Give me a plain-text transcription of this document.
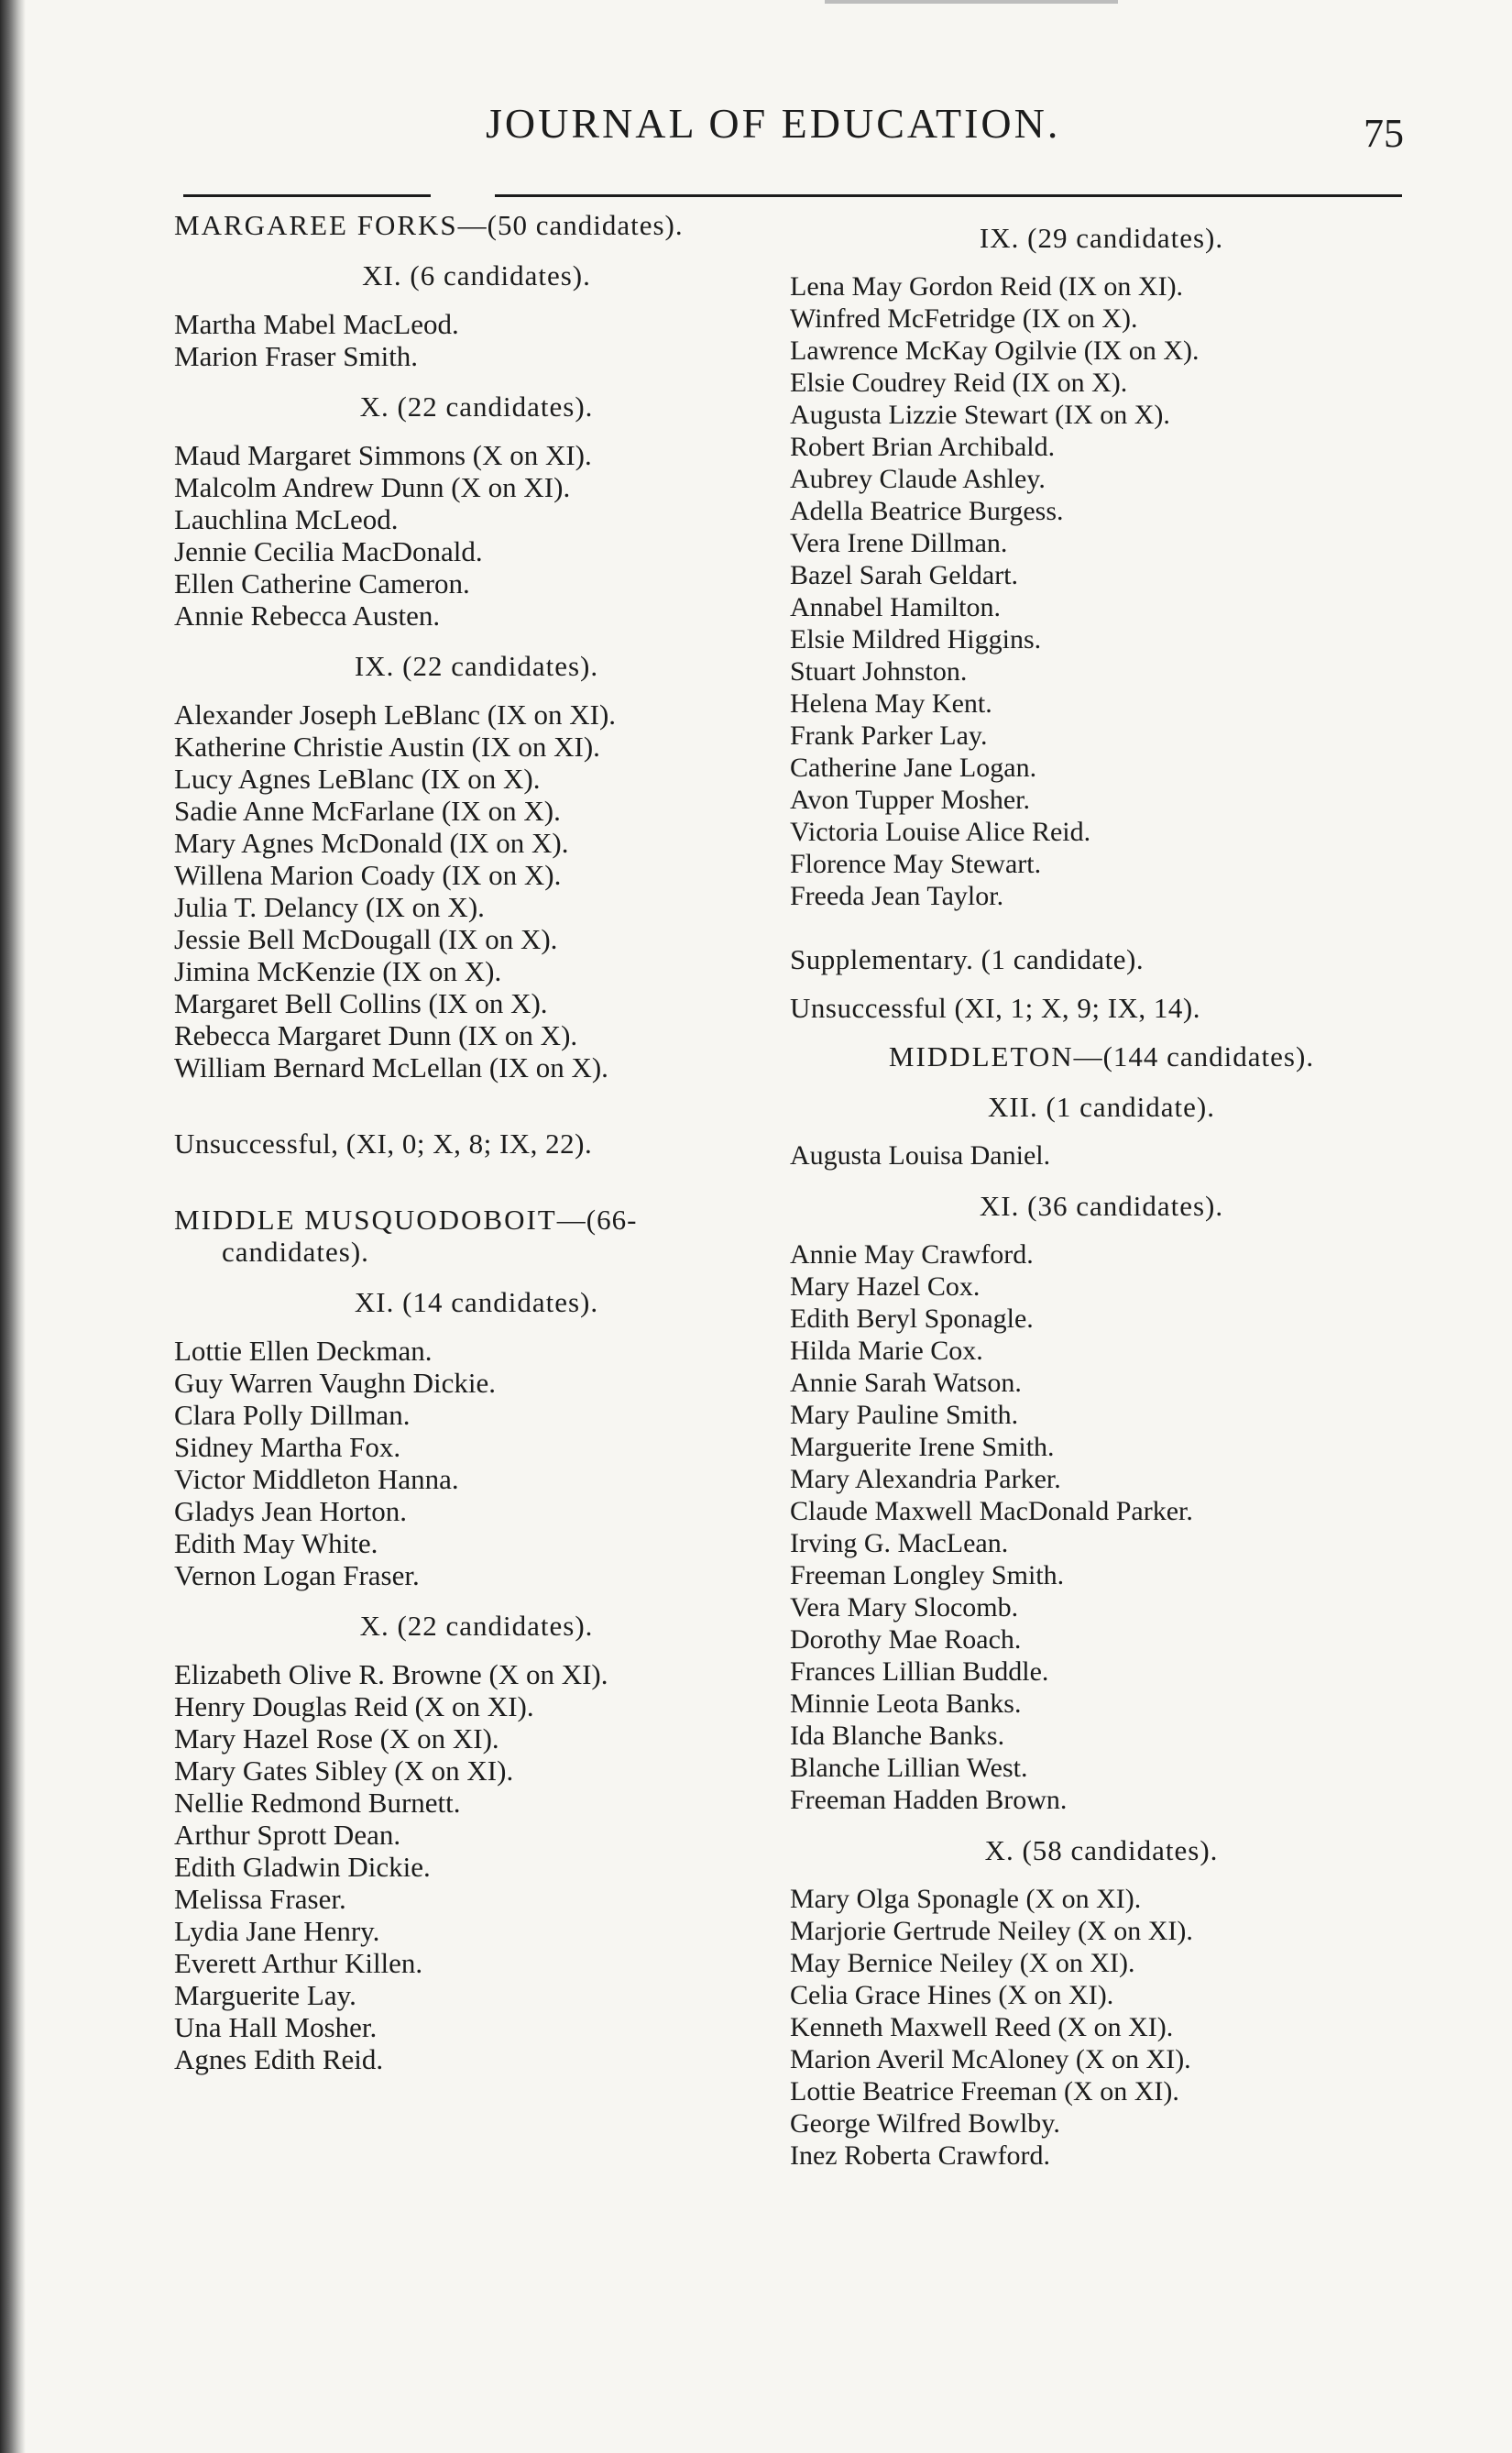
JOURNAL OF EDUCATION.	75

MARGAREE FORKS—(50 candidates).

XI. (6 candidates).
Martha Mabel MacLeod.
Marion Fraser Smith.
X. (22 candidates).
Maud Margaret Simmons (X on XI).
Malcolm Andrew Dunn (X on XI).
Lauchlina McLeod.
Jennie Cecilia MacDonald.
Ellen Catherine Cameron.
Annie Rebecca Austen.
IX. (22 candidates).
Alexander Joseph LeBlanc (IX on XI).
Katherine Christie Austin (IX on XI).
Lucy Agnes LeBlanc (IX on X).
Sadie Anne McFarlane (IX on X).
Mary Agnes McDonald (IX on X).
Willena Marion Coady (IX on X).
Julia T. Delancy (IX on X).
Jessie Bell McDougall (IX on X).
Jimina McKenzie (IX on X).
Margaret Bell Collins (IX on X).
Rebecca Margaret Dunn (IX on X).
William Bernard McLellan (IX on X).

Unsuccessful, (XI, 0; X, 8; IX, 22).

MIDDLE MUSQUODOBOIT—(66-candidates).

XI. (14 candidates).
Lottie Ellen Deckman.
Guy Warren Vaughn Dickie.
Clara Polly Dillman.
Sidney Martha Fox.
Victor Middleton Hanna.
Gladys Jean Horton.
Edith May White.
Vernon Logan Fraser.
X. (22 candidates).
Elizabeth Olive R. Browne (X on XI).
Henry Douglas Reid (X on XI).
Mary Hazel Rose (X on XI).
Mary Gates Sibley (X on XI).
Nellie Redmond Burnett.
Arthur Sprott Dean.
Edith Gladwin Dickie.
Melissa Fraser.
Lydia Jane Henry.
Everett Arthur Killen.
Marguerite Lay.
Una Hall Mosher.
Agnes Edith Reid.
IX. (29 candidates).
Lena May Gordon Reid (IX on XI).
Winfred McFetridge (IX on X).
Lawrence McKay Ogilvie (IX on X).
Elsie Coudrey Reid (IX on X).
Augusta Lizzie Stewart (IX on X).
Robert Brian Archibald.
Aubrey Claude Ashley.
Adella Beatrice Burgess.
Vera Irene Dillman.
Bazel Sarah Geldart.
Annabel Hamilton.
Elsie Mildred Higgins.
Stuart Johnston.
Helena May Kent.
Frank Parker Lay.
Catherine Jane Logan.
Avon Tupper Mosher.
Victoria Louise Alice Reid.
Florence May Stewart.
Freeda Jean Taylor.

Supplementary. (1 candidate).

Unsuccessful (XI, 1; X, 9; IX, 14).

MIDDLETON—(144 candidates).

XII. (1 candidate).
Augusta Louisa Daniel.
XI. (36 candidates).
Annie May Crawford.
Mary Hazel Cox.
Edith Beryl Sponagle.
Hilda Marie Cox.
Annie Sarah Watson.
Mary Pauline Smith.
Marguerite Irene Smith.
Mary Alexandria Parker.
Claude Maxwell MacDonald Parker.
Irving G. MacLean.
Freeman Longley Smith.
Vera Mary Slocomb.
Dorothy Mae Roach.
Frances Lillian Buddle.
Minnie Leota Banks.
Ida Blanche Banks.
Blanche Lillian West.
Freeman Hadden Brown.
X. (58 candidates).
Mary Olga Sponagle (X on XI).
Marjorie Gertrude Neiley (X on XI).
May Bernice Neiley (X on XI).
Celia Grace Hines (X on XI).
Kenneth Maxwell Reed (X on XI).
Marion Averil McAloney (X on XI).
Lottie Beatrice Freeman (X on XI).
George Wilfred Bowlby.
Inez Roberta Crawford.
